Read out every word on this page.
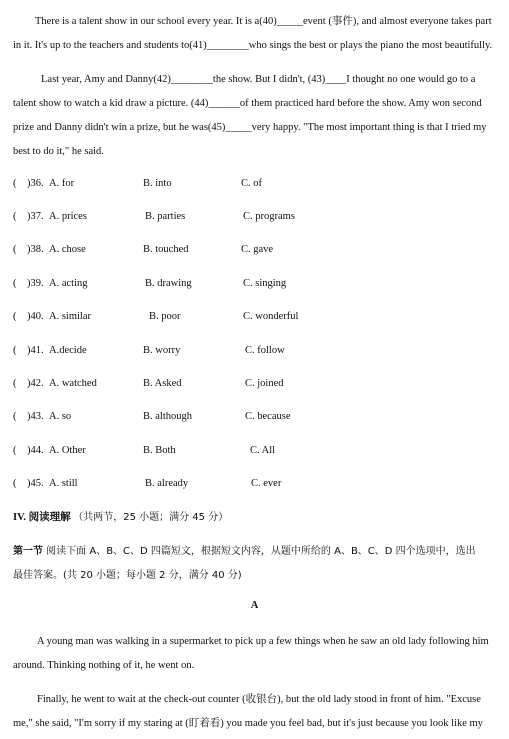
There is a talent show in our school every year. It is a(40)_____event (事件), and almost everyone takes part
in it. It's up to the teachers and students to(41)________who sings the best or plays the piano the most beautifully.

Last year, Amy and Danny(42)________the show. But I didn't, (43)____I thought no one would go to a
talent show to watch a kid draw a picture. (44)______of them practiced hard before the show. Amy won second
prize and Danny didn't win a prize, but he was(45)_____very happy. "The most important thing is that I tried my
best to do it," he said.

( )36. A. for	B. into	C. of
( )37. A. prices	B. parties	C. programs
( )38. A. chose	B. touched	C. gave
( )39. A. acting	B. drawing	C. singing
( )40. A. similar	B. poor	C. wonderful
( )41. A.decide	B. worry	C. follow
( )42. A. watched	B. Asked	C. joined
( )43. A. so	B. although	C. because
( )44. A. Other	B. Both	C. All
( )45. A. still	B. already	C. ever

IV. 阅读理解 （共两节，25 小题；满分 45 分）

第一节 阅读下面 A、B、C、D 四篇短文，根据短文内容，从题中所给的 A、B、C、D 四个选项中，选出
最佳答案。(共 20 小题；每小题 2 分，满分 40 分)

A

A young man was walking in a supermarket to pick up a few things when he saw an old lady following him
around. Thinking nothing of it, he went on.

Finally, he went to wait at the check-out counter (收银台), but the old lady stood in front of him. "Excuse
me," she said, "I'm sorry if my staring at (盯着看) you made you feel bad, but it's just because you look like my
